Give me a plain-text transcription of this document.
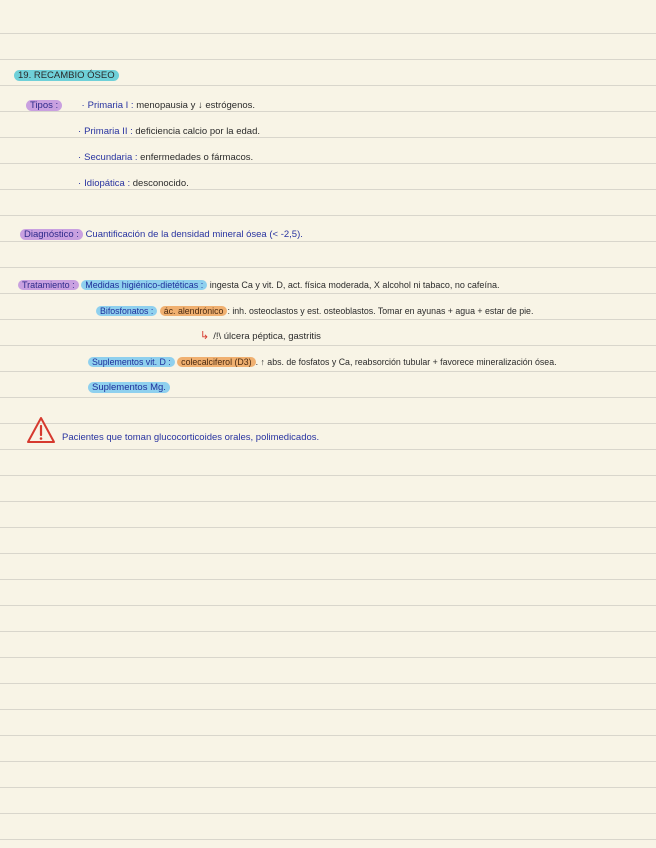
19. RECAMBIO ÓSEO
Tipos : · Primaria I : menopausia y ↓ estrógenos.
· Primaria II : deficiencia calcio por la edad.
· Secundaria : enfermedades o fármacos.
· Idiopática : desconocido.
Diagnóstico : Cuantificación de la densidad mineral ósea (< -2,5).
Tratamiento : Medidas higiénico-dietéticas : ingesta Ca y vit. D, act. física moderada, X alcohol ni tabaco, no cafeína.
Bifosfonatos : ác. alendrónico : inh. osteoclastos y est. osteoblastos. Tomar en ayunas + agua + estar de pie.
↳ /!\ úlcera péptica, gastritis
Suplementos vit. D : colecalciferol (D3) . ↑ abs. de fosfatos y Ca, reabsorción tubular + favorece mineralización ósea.
Suplementos Mg.
Pacientes que toman glucocorticoides orales, polimedicados.
